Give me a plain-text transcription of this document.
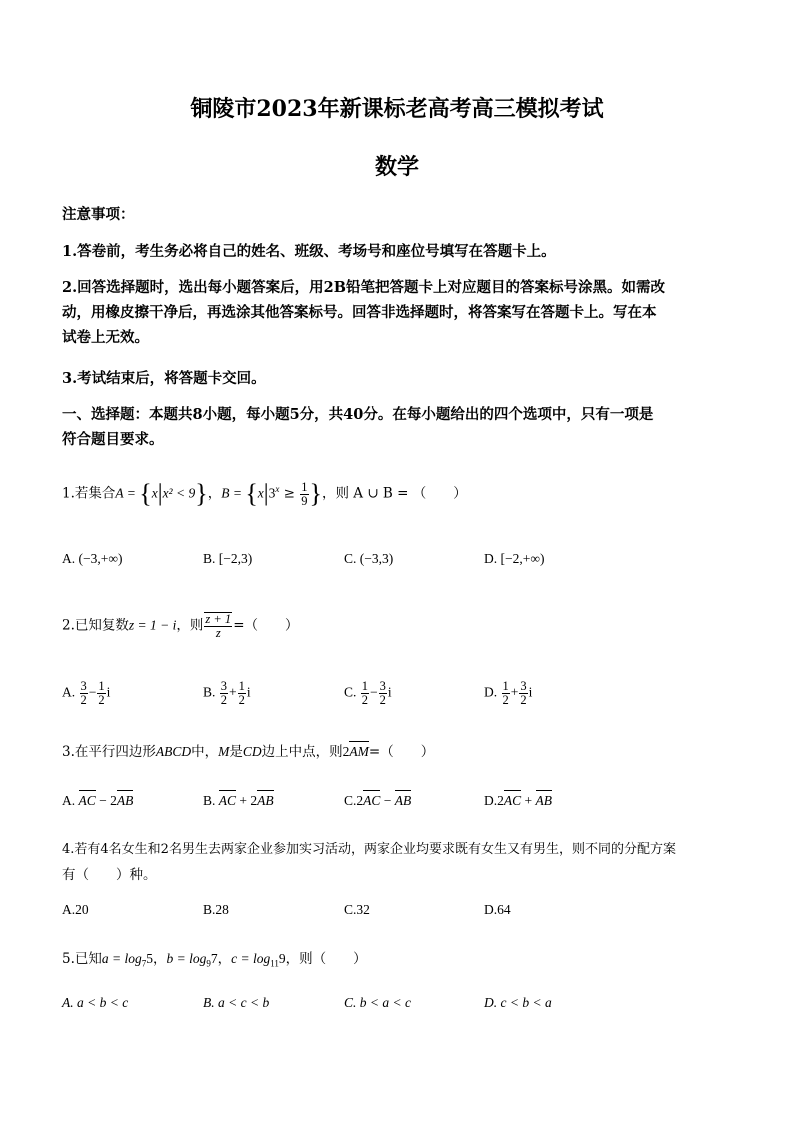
铜陵市2023年新课标老高考高三模拟考试
数学
注意事项：
1.答卷前，考生务必将自己的姓名、班级、考场号和座位号填写在答题卡上。
2.回答选择题时，选出每小题答案后，用2B铅笔把答题卡上对应题目的答案标号涂黑。如需改
动，用橡皮擦干净后，再选涂其他答案标号。回答非选择题时，将答案写在答题卡上。写在本
试卷上无效。
3.考试结束后，将答题卡交回。
一、选择题：本题共8小题，每小题5分，共40分。在每小题给出的四个选项中，只有一项是
符合题目要求。
1.若集合A = {x|x² < 9}，$B = \{x|3^x \ge \frac{1}{9}$ }，则 A ∪ B = （　　）
A. (−3,+∞)	B. [−2,3)	C. (−3,3)	D. [−2,+∞)
2.已知复数z = 1 − i，则 $\frac{z + 1}{z}$ =（　　）
A. $\frac{3}{2} - \frac{1}{2}$ i	B. $\frac{3}{2} + \frac{1}{2}$ i	C. $\frac{1}{2} - \frac{3}{2}$ i	D. $\frac{1}{2} + \frac{3}{2}$ i
3.在平行四边形ABCD中，M是CD边上中点，则2AM=（　　）
A. AC − 2AB	B. AC + 2AB	C.2AC − AB	D.2AC + AB
4.若有4名女生和2名男生去两家企业参加实习活动，两家企业均要求既有女生又有男生，则不同的分配方案
有（　　）种。
A.20	B.28	C.32	D.64
5.已知$a = \log_75$，$b = \log_97$，$c = \log_{11}9$，则（　　）
A. a < b < c	B. a < c < b	C. b < a < c	D. c < b < a
